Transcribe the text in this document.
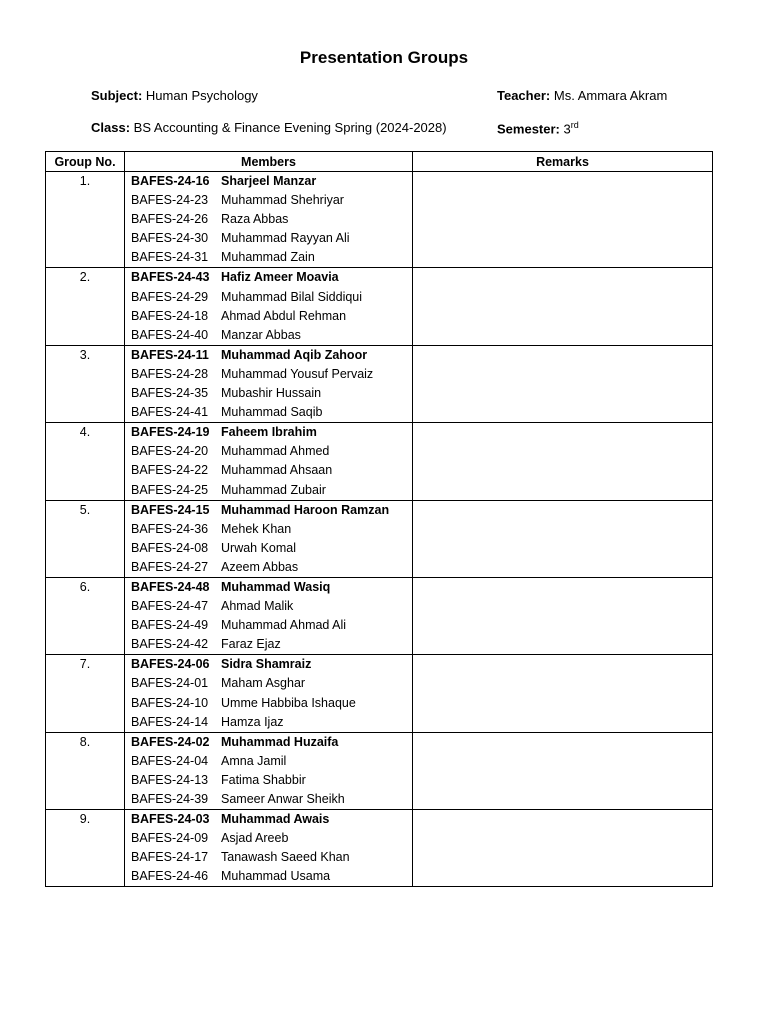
Presentation Groups
Subject: Human Psychology	Teacher: Ms. Ammara Akram
Class: BS Accounting & Finance Evening Spring (2024-2028)	Semester: 3rd
Group No.	Members	Remarks
1.	BAFES-24-16 Sharjeel Manzar
BAFES-24-23 Muhammad Shehriyar
BAFES-24-26 Raza Abbas
BAFES-24-30 Muhammad Rayyan Ali
BAFES-24-31 Muhammad Zain	

2.	BAFES-24-43 Hafiz Ameer Moavia
BAFES-24-29 Muhammad Bilal Siddiqui
BAFES-24-18 Ahmad Abdul Rehman
BAFES-24-40 Manzar Abbas	

3.	BAFES-24-11 Muhammad Aqib Zahoor
BAFES-24-28 Muhammad Yousuf Pervaiz
BAFES-24-35 Mubashir Hussain
BAFES-24-41 Muhammad Saqib	

4.	BAFES-24-19 Faheem Ibrahim
BAFES-24-20 Muhammad Ahmed
BAFES-24-22 Muhammad Ahsaan
BAFES-24-25 Muhammad Zubair	

5.	BAFES-24-15 Muhammad Haroon Ramzan
BAFES-24-36 Mehek Khan
BAFES-24-08 Urwah Komal
BAFES-24-27 Azeem Abbas	

6.	BAFES-24-48 Muhammad Wasiq
BAFES-24-47 Ahmad Malik
BAFES-24-49 Muhammad Ahmad Ali
BAFES-24-42 Faraz Ejaz	

7.	BAFES-24-06 Sidra Shamraiz
BAFES-24-01 Maham Asghar
BAFES-24-10 Umme Habbiba Ishaque
BAFES-24-14 Hamza Ijaz	

8.	BAFES-24-02 Muhammad Huzaifa
BAFES-24-04 Amna Jamil
BAFES-24-13 Fatima Shabbir
BAFES-24-39 Sameer Anwar Sheikh	

9.	BAFES-24-03 Muhammad Awais
BAFES-24-09 Asjad Areeb
BAFES-24-17 Tanawash Saeed Khan
BAFES-24-46 Muhammad Usama	
